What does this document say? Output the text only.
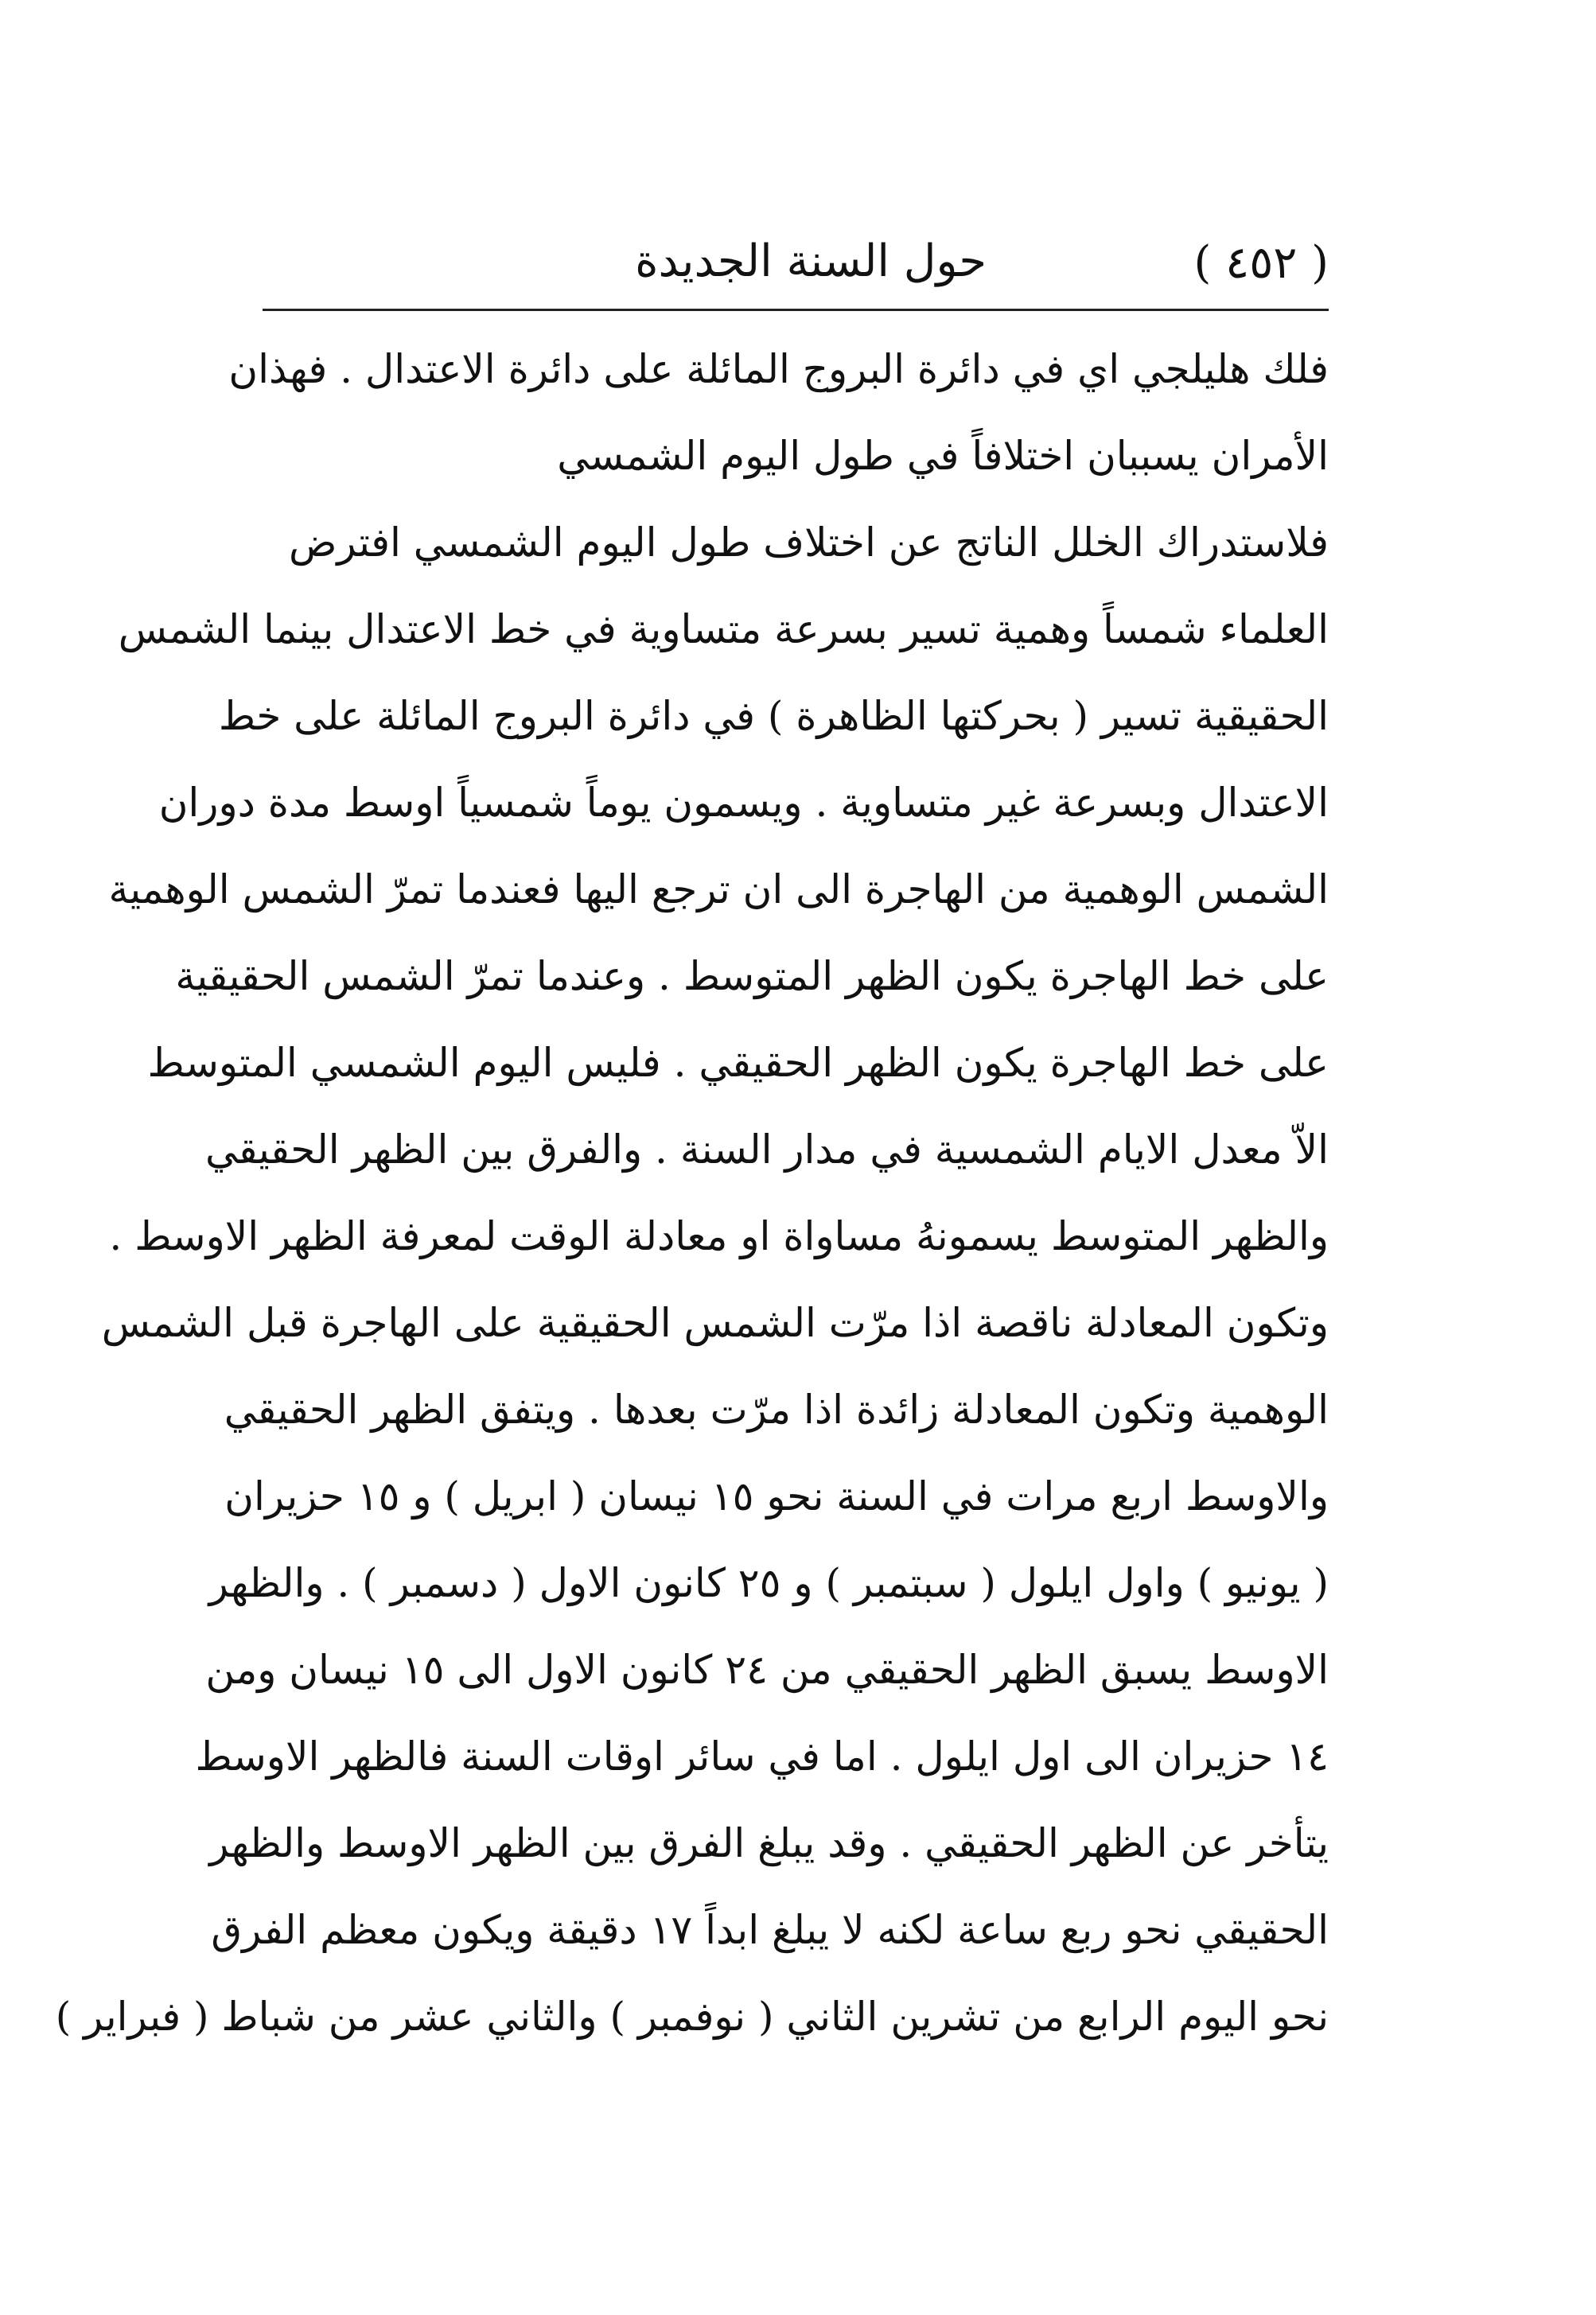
( ٤٥٢ )
حول السنة الجديدة
فلك هليلجي اي في دائرة البروج المائلة على دائرة الاعتدال . فهذان
الأمران يسببان اختلافاً في طول اليوم الشمسي
فلاستدراك الخلل الناتج عن اختلاف طول اليوم الشمسي افترض
العلماء شمساً وهمية تسير بسرعة متساوية في خط الاعتدال بينما الشمس
الحقيقية تسير ( بحركتها الظاهرة ) في دائرة البروج المائلة على خط
الاعتدال وبسرعة غير متساوية . ويسمون يوماً شمسياً اوسط مدة دوران
الشمس الوهمية من الهاجرة الى ان ترجع اليها فعندما تمرّ الشمس الوهمية
على خط الهاجرة يكون الظهر المتوسط . وعندما تمرّ الشمس الحقيقية
على خط الهاجرة يكون الظهر الحقيقي . فليس اليوم الشمسي المتوسط
الاّ معدل الايام الشمسية في مدار السنة . والفرق بين الظهر الحقيقي
والظهر المتوسط يسمونهُ مساواة او معادلة الوقت لمعرفة الظهر الاوسط .
وتكون المعادلة ناقصة اذا مرّت الشمس الحقيقية على الهاجرة قبل الشمس
الوهمية وتكون المعادلة زائدة اذا مرّت بعدها . ويتفق الظهر الحقيقي
والاوسط اربع مرات في السنة نحو ١٥ نيسان ( ابريل ) و ١٥ حزيران
( يونيو ) واول ايلول ( سبتمبر ) و ٢٥ كانون الاول ( دسمبر ) . والظهر
الاوسط يسبق الظهر الحقيقي من ٢٤ كانون الاول الى ١٥ نيسان ومن
١٤ حزيران الى اول ايلول . اما في سائر اوقات السنة فالظهر الاوسط
يتأخر عن الظهر الحقيقي . وقد يبلغ الفرق بين الظهر الاوسط والظهر
الحقيقي نحو ربع ساعة لكنه لا يبلغ ابداً ١٧ دقيقة ويكون معظم الفرق
نحو اليوم الرابع من تشرين الثاني ( نوفمبر ) والثاني عشر من شباط ( فبراير )
